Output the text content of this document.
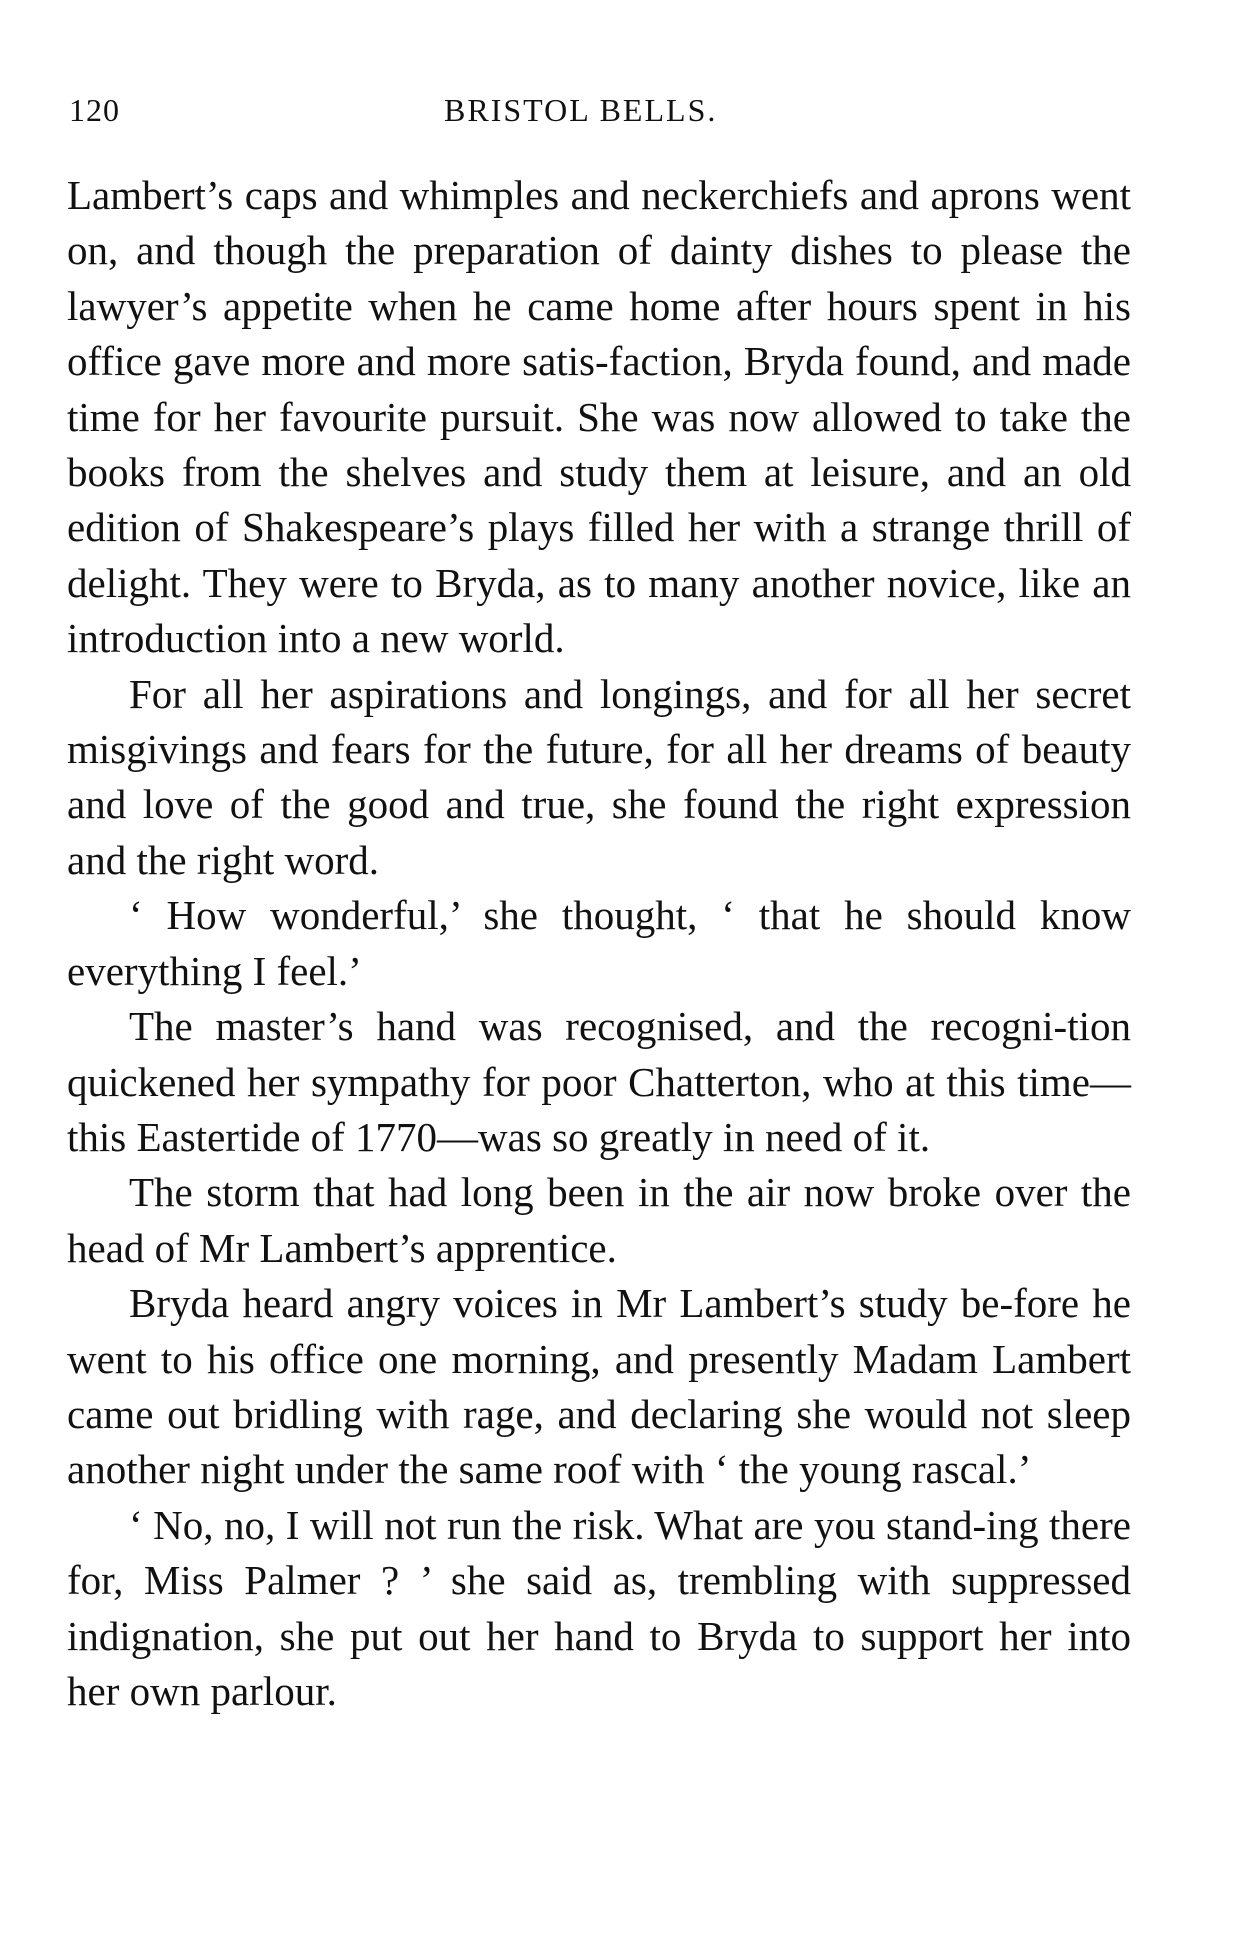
120	BRISTOL BELLS.

Lambert’s caps and whimples and neckerchiefs and aprons went on, and though the preparation of dainty dishes to please the lawyer’s appetite when he came home after hours spent in his office gave more and more satis-faction, Bryda found, and made time for her favourite pursuit. She was now allowed to take the books from the shelves and study them at leisure, and an old edition of Shakespeare’s plays filled her with a strange thrill of delight. They were to Bryda, as to many another novice, like an introduction into a new world.

For all her aspirations and longings, and for all her secret misgivings and fears for the future, for all her dreams of beauty and love of the good and true, she found the right expression and the right word.

‘ How wonderful,’ she thought, ‘ that he should know everything I feel.’

The master’s hand was recognised, and the recogni-tion quickened her sympathy for poor Chatterton, who at this time—this Eastertide of 1770—was so greatly in need of it.

The storm that had long been in the air now broke over the head of Mr Lambert’s apprentice.

Bryda heard angry voices in Mr Lambert’s study be-fore he went to his office one morning, and presently Madam Lambert came out bridling with rage, and declaring she would not sleep another night under the same roof with ‘ the young rascal.’

‘ No, no, I will not run the risk. What are you stand-ing there for, Miss Palmer ? ’ she said as, trembling with suppressed indignation, she put out her hand to Bryda to support her into her own parlour.
